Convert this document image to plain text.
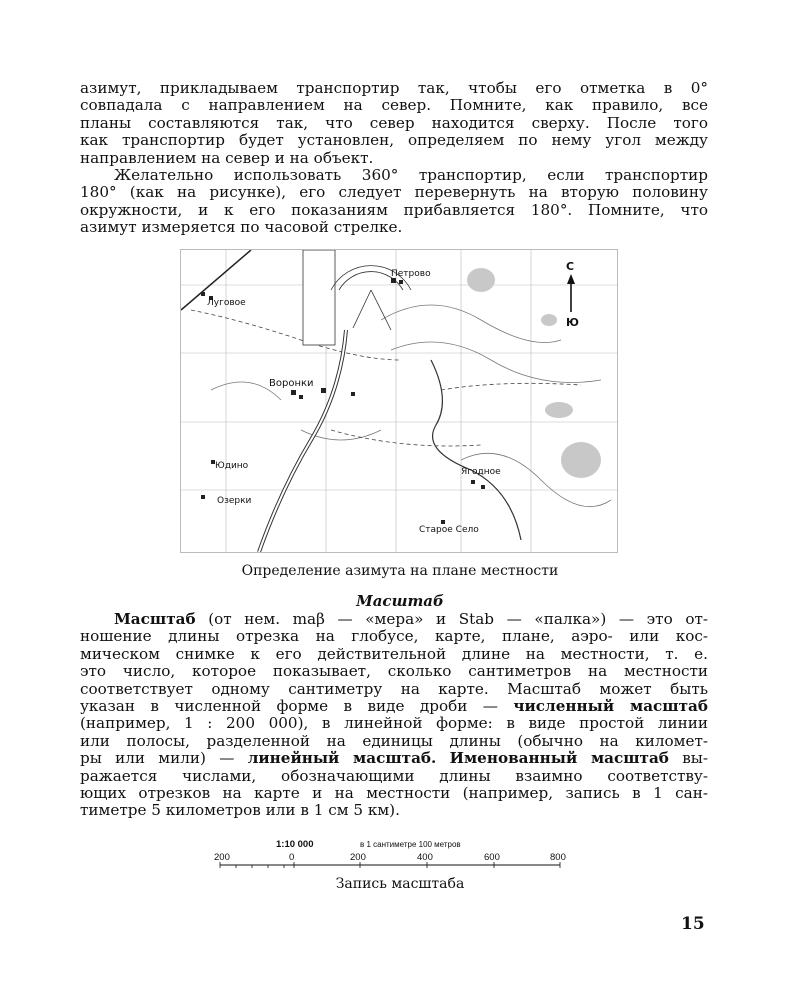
азимут, прикладываем транспортир так, чтобы его отметка в 0°
совпадала с направлением на север. Помните, как правило, все
планы составляются так, что север находится сверху. После того
как транспортир будет установлен, определяем по нему угол между
направлением на север и на объект.
Желательно использовать 360° транспортир, если транспортир
180° (как на рисунке), его следует перевернуть на вторую половину
окружности, и к его показаниям прибавляется 180°. Помните, что
азимут измеряется по часовой стрелке.
С
Ю
Петрово
Луговое
Воронки
Юдино
Озерки
Ягодное
Старое Село

Определение азимута на плане местности

Масштаб

Масштаб (от нем. maβ — «мера» и Stab — «палка») — это от-
ношение длины отрезка на глобусе, карте, плане, аэро- или кос-
мическом снимке к его действительной длине на местности, т. е.
это число, которое показывает, сколько сантиметров на местности
соответствует одному сантиметру на карте. Масштаб может быть
указан в численной форме в виде дроби — численный масштаб
(например, 1 : 200 000), в линейной форме: в виде простой линии
или полосы, разделенной на единицы длины (обычно на километ-
ры или мили) — линейный масштаб. Именованный масштаб вы-
ражается числами, обозначающими длины взаимно соответству-
ющих отрезков на карте и на местности (например, запись в 1 сан-
тиметре 5 километров или в 1 см 5 км).
1:10 000	в 1 сантиметре 100 метров
200	0	200	400	600	800

Запись масштаба

15
